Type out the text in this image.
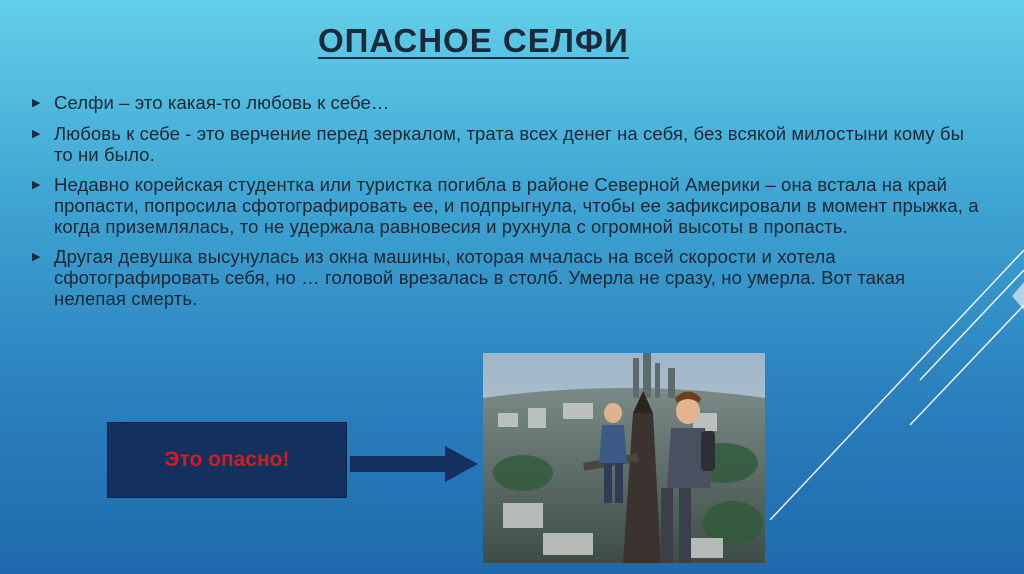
ОПАСНОЕ СЕЛФИ
▶ Селфи – это какая-то любовь к себе…
▶ Любовь к себе - это верчение перед зеркалом, трата всех денег на себя, без всякой милостыни кому бы то ни было.
▶ Недавно корейская студентка или туристка погибла в районе Северной Америки – она встала на край пропасти, попросила сфотографировать ее, и подпрыгнула, чтобы ее зафиксировали в момент прыжка, а когда приземлялась, то не удержала равновесия и рухнула с огромной высоты в пропасть.
▶ Другая девушка высунулась из окна машины, которая мчалась на всей скорости и хотела сфотографировать себя, но … головой врезалась в столб. Умерла не сразу, но умерла. Вот такая нелепая смерть.
Это опасно!
